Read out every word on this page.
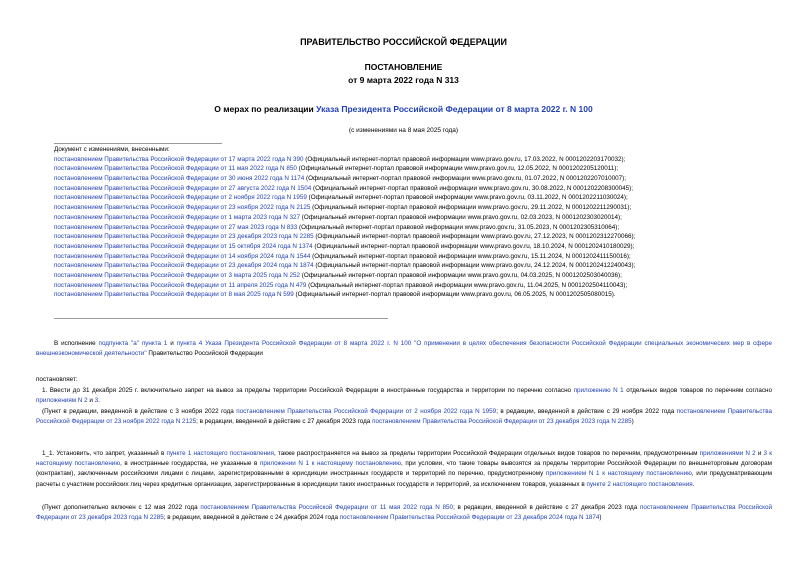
ПРАВИТЕЛЬСТВО РОССИЙСКОЙ ФЕДЕРАЦИИ
ПОСТАНОВЛЕНИЕ
от 9 марта 2022 года N 313
О мерах по реализации Указа Президента Российской Федерации от 8 марта 2022 г. N 100
(с изменениями на 8 мая 2025 года)
Документ с изменениями, внесенными:
постановлением Правительства Российской Федерации от 17 марта 2022 года N 390 (Официальный интернет-портал правовой информации www.pravo.gov.ru, 17.03.2022, N 0001202203170032);
постановлением Правительства Российской Федерации от 11 мая 2022 года N 850 (Официальный интернет-портал правовой информации www.pravo.gov.ru, 12.05.2022, N 0001202205120011);
постановлением Правительства Российской Федерации от 30 июня 2022 года N 1174 (Официальный интернет-портал правовой информации www.pravo.gov.ru, 01.07.2022, N 0001202207010007);
постановлением Правительства Российской Федерации от 27 августа 2022 года N 1504 (Официальный интернет-портал правовой информации www.pravo.gov.ru, 30.08.2022, N 0001202208300045);
постановлением Правительства Российской Федерации от 2 ноября 2022 года N 1959 (Официальный интернет-портал правовой информации www.pravo.gov.ru, 03.11.2022, N 0001202211030024);
постановлением Правительства Российской Федерации от 23 ноября 2022 года N 2125 (Официальный интернет-портал правовой информации www.pravo.gov.ru, 29.11.2022, N 0001202211290031);
постановлением Правительства Российской Федерации от 1 марта 2023 года N 327 (Официальный интернет-портал правовой информации www.pravo.gov.ru, 02.03.2023, N 0001202303020014);
постановлением Правительства Российской Федерации от 27 мая 2023 года N 833 (Официальный интернет-портал правовой информации www.pravo.gov.ru, 31.05.2023, N 0001202305310064);
постановлением Правительства Российской Федерации от 23 декабря 2023 года N 2285 (Официальный интернет-портал правовой информации www.pravo.gov.ru, 27.12.2023, N 0001202312270066);
постановлением Правительства Российской Федерации от 15 октября 2024 года N 1374 (Официальный интернет-портал правовой информации www.pravo.gov.ru, 18.10.2024, N 0001202410180029);
постановлением Правительства Российской Федерации от 14 ноября 2024 года N 1544 (Официальный интернет-портал правовой информации www.pravo.gov.ru, 15.11.2024, N 0001202411150016);
постановлением Правительства Российской Федерации от 23 декабря 2024 года N 1874 (Официальный интернет-портал правовой информации www.pravo.gov.ru, 24.12.2024, N 0001202412240043);
постановлением Правительства Российской Федерации от 3 марта 2025 года N 252 (Официальный интернет-портал правовой информации www.pravo.gov.ru, 04.03.2025, N 0001202503040036);
постановлением Правительства Российской Федерации от 11 апреля 2025 года N 479 (Официальный интернет-портал правовой информации www.pravo.gov.ru, 11.04.2025, N 0001202504110043);
постановлением Правительства Российской Федерации от 8 мая 2025 года N 599 (Официальный интернет-портал правовой информации www.pravo.gov.ru, 06.05.2025, N 0001202505080015).
В исполнение подпункта "а" пункта 1 и пункта 4 Указа Президента Российской Федерации от 8 марта 2022 г. N 100 "О применении в целях обеспечения безопасности Российской Федерации специальных экономических мер в сфере внешнеэкономической деятельности" Правительство Российской Федерации
постановляет:
1. Ввести до 31 декабря 2025 г. включительно запрет на вывоз за пределы территории Российской Федерации в иностранные государства и территории по перечню согласно приложению N 1 отдельных видов товаров по перечням согласно приложениям N 2 и 3.
(Пункт в редакции, введенной в действие с 3 ноября 2022 года постановлением Правительства Российской Федерации от 2 ноября 2022 года N 1959; в редакции, введенной в действие с 29 ноября 2022 года постановлением Правительства Российской Федерации от 23 ноября 2022 года N 2125; в редакции, введенной в действие с 27 декабря 2023 года постановлением Правительства Российской Федерации от 23 декабря 2023 года N 2285)
1_1. Установить, что запрет, указанный в пункте 1 настоящего постановления, также распространяется на вывоз за пределы территории Российской Федерации отдельных видов товаров по перечням, предусмотренным приложениями N 2 и 3 к настоящему постановлению, в иностранные государства, не указанные в приложении N 1 к настоящему постановлению, при условии, что такие товары вывозятся за пределы территории Российской Федерации по внешнеторговым договорам (контрактам), заключенным российскими лицами с лицами, зарегистрированными в юрисдикции иностранных государств и территорий по перечню, предусмотренному приложением N 1 к настоящему постановлению, или предусматривающим расчеты с участием российских лиц через кредитные организации, зарегистрированные в юрисдикции таких иностранных государств и территорий, за исключением товаров, указанных в пункте 2 настоящего постановления.
(Пункт дополнительно включен с 12 мая 2022 года постановлением Правительства Российской Федерации от 11 мая 2022 года N 850; в редакции, введенной в действие с 27 декабря 2023 года постановлением Правительства Российской Федерации от 23 декабря 2023 года N 2285; в редакции, введенной в действие с 24 декабря 2024 года постановлением Правительства Российской Федерации от 23 декабря 2024 года N 1874)
